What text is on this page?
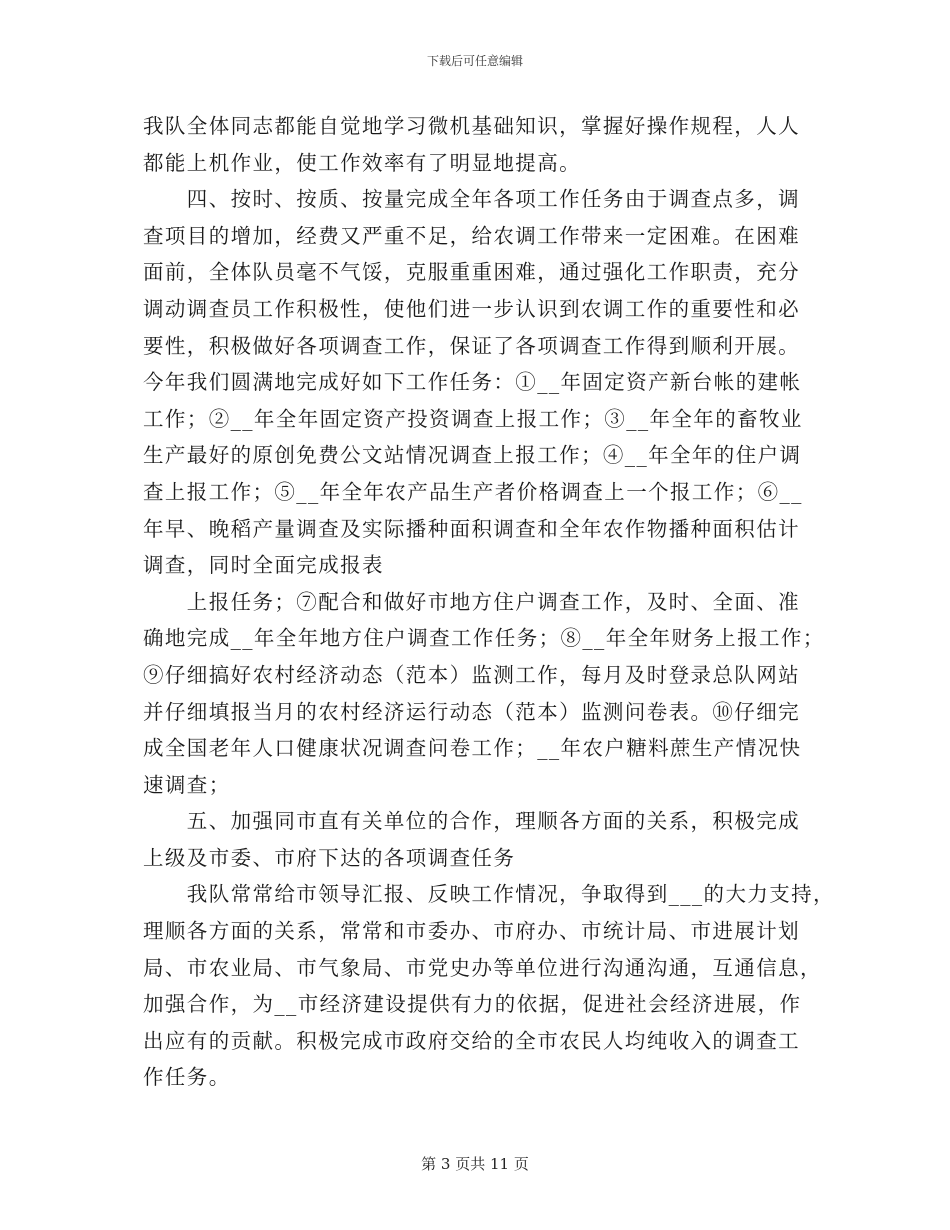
下载后可任意编辑
我队全体同志都能自觉地学习微机基础知识，掌握好操作规程，人人
都能上机作业，使工作效率有了明显地提高。
　　四、按时、按质、按量完成全年各项工作任务由于调查点多，调
查项目的增加，经费又严重不足，给农调工作带来一定困难。在困难
面前，全体队员毫不气馁，克服重重困难，通过强化工作职责，充分
调动调查员工作积极性，使他们进一步认识到农调工作的重要性和必
要性，积极做好各项调查工作，保证了各项调查工作得到顺利开展。
今年我们圆满地完成好如下工作任务：①__年固定资产新台帐的建帐
工作；②__年全年固定资产投资调查上报工作；③__年全年的畜牧业
生产最好的原创免费公文站情况调查上报工作；④__年全年的住户调
查上报工作；⑤__年全年农产品生产者价格调查上一个报工作；⑥__
年早、晚稻产量调查及实际播种面积调查和全年农作物播种面积估计
调查，同时全面完成报表
　　上报任务；⑦配合和做好市地方住户调查工作，及时、全面、准
确地完成__年全年地方住户调查工作任务；⑧__年全年财务上报工作；
⑨仔细搞好农村经济动态（范本）监测工作，每月及时登录总队网站
并仔细填报当月的农村经济运行动态（范本）监测问卷表。⑩仔细完
成全国老年人口健康状况调查问卷工作；__年农户糖料蔗生产情况快
速调查；
　　五、加强同市直有关单位的合作，理顺各方面的关系，积极完成
上级及市委、市府下达的各项调查任务
　　我队常常给市领导汇报、反映工作情况，争取得到___的大力支持，
理顺各方面的关系，常常和市委办、市府办、市统计局、市进展计划
局、市农业局、市气象局、市党史办等单位进行沟通沟通，互通信息，
加强合作，为__市经济建设提供有力的依据，促进社会经济进展，作
出应有的贡献。积极完成市政府交给的全市农民人均纯收入的调查工
作任务。
第 3 页共 11 页
